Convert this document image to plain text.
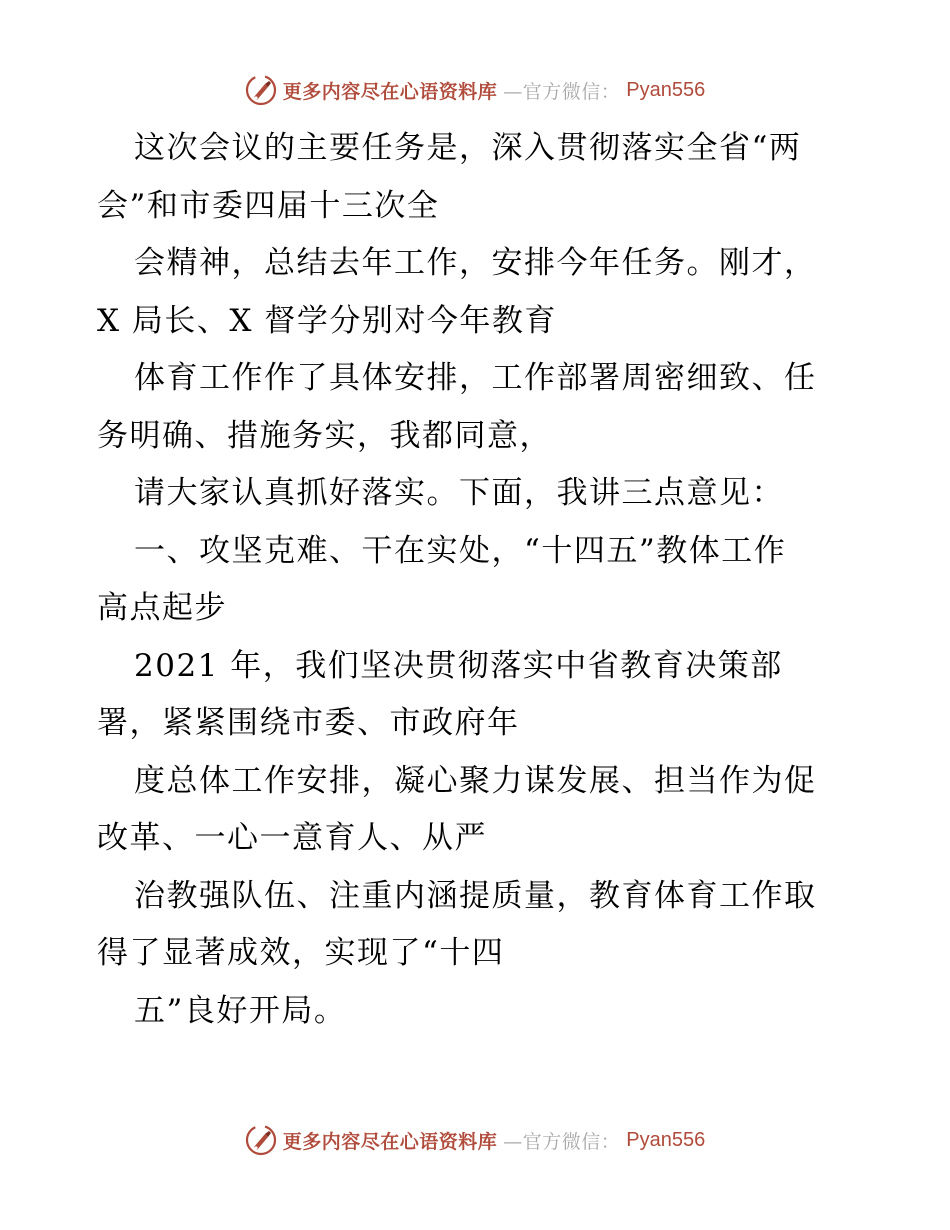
更多内容尽在心语资料库 —官方微信： Pyan556
这次会议的主要任务是，深入贯彻落实全省“两
会”和市委四届十三次全
会精神，总结去年工作，安排今年任务。刚才，
X 局长、X 督学分别对今年教育
体育工作作了具体安排，工作部署周密细致、任
务明确、措施务实，我都同意，
请大家认真抓好落实。下面，我讲三点意见：
一、攻坚克难、干在实处，“十四五”教体工作
高点起步
2021 年，我们坚决贯彻落实中省教育决策部
署，紧紧围绕市委、市政府年
度总体工作安排，凝心聚力谋发展、担当作为促
改革、一心一意育人、从严
治教强队伍、注重内涵提质量，教育体育工作取
得了显著成效，实现了“十四
五”良好开局。
更多内容尽在心语资料库 —官方微信： Pyan556
